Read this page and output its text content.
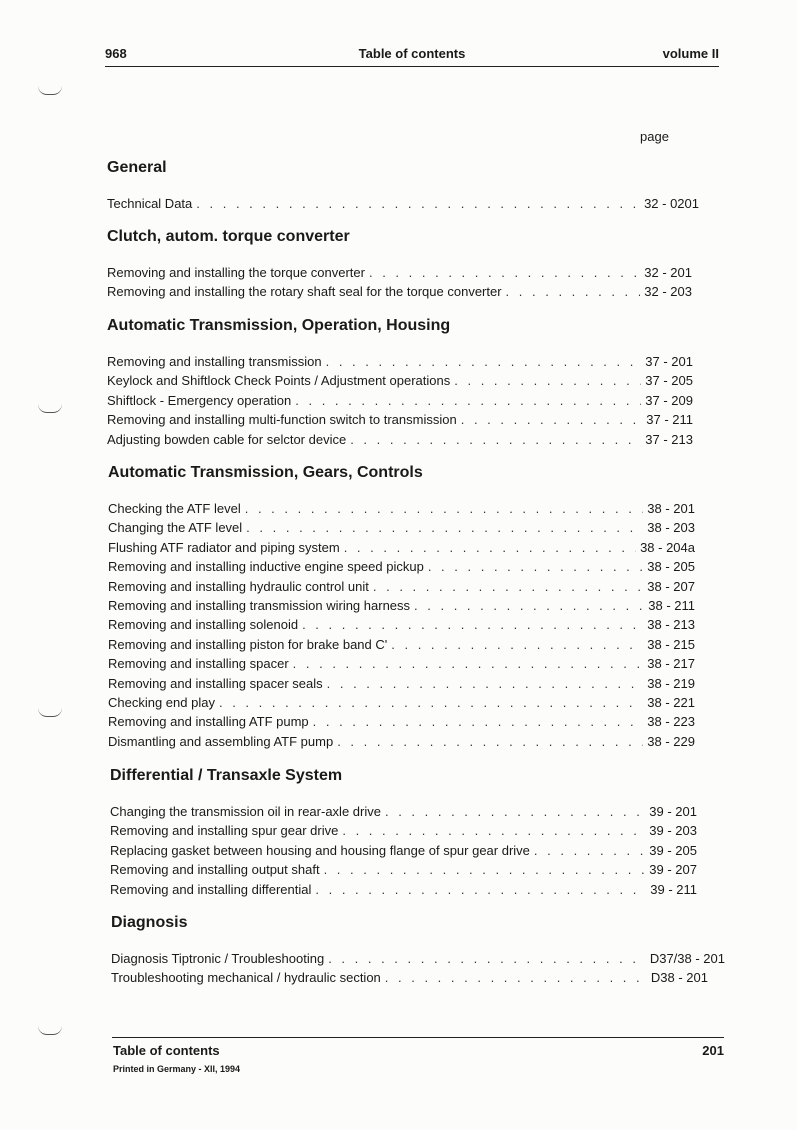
968	Table of contents	volume II
page
General
Technical Data . . .	32 - 0201
Clutch, autom. torque converter
Removing and installing the torque converter . . .	32 - 201
Removing and installing the rotary shaft seal for the torque converter . . .	32 - 203
Automatic Transmission, Operation, Housing
Removing and installing transmission . . .	37 - 201
Keylock and Shiftlock Check Points / Adjustment operations . . .	37 - 205
Shiftlock - Emergency operation . . .	37 - 209
Removing and installing multi-function switch to transmission . . .	37 - 211
Adjusting bowden cable for selctor device . . .	37 - 213
Automatic Transmission, Gears, Controls
Checking the ATF level . . .	38 - 201
Changing the ATF level . . .	38 - 203
Flushing ATF radiator and piping system . . .	38 - 204a
Removing and installing inductive engine speed pickup . . .	38 - 205
Removing and installing hydraulic control unit . . .	38 - 207
Removing and installing transmission wiring harness . . .	38 - 211
Removing and installing solenoid . . .	38 - 213
Removing and installing piston for brake band C' . . .	38 - 215
Removing and installing spacer . . .	38 - 217
Removing and installing spacer seals . . .	38 - 219
Checking end play . . .	38 - 221
Removing and installing ATF pump . . .	38 - 223
Dismantling and assembling ATF pump . . .	38 - 229
Differential / Transaxle System
Changing the transmission oil in rear-axle drive . . .	39 - 201
Removing and installing spur gear drive . . .	39 - 203
Replacing gasket between housing and housing flange of spur gear drive . . .	39 - 205
Removing and installing output shaft . . .	39 - 207
Removing and installing differential . . .	39 - 211
Diagnosis
Diagnosis Tiptronic / Troubleshooting . . .	D37/38 - 201
Troubleshooting mechanical / hydraulic section . . .	D38 - 201
Table of contents	201
Printed in Germany - XII, 1994
